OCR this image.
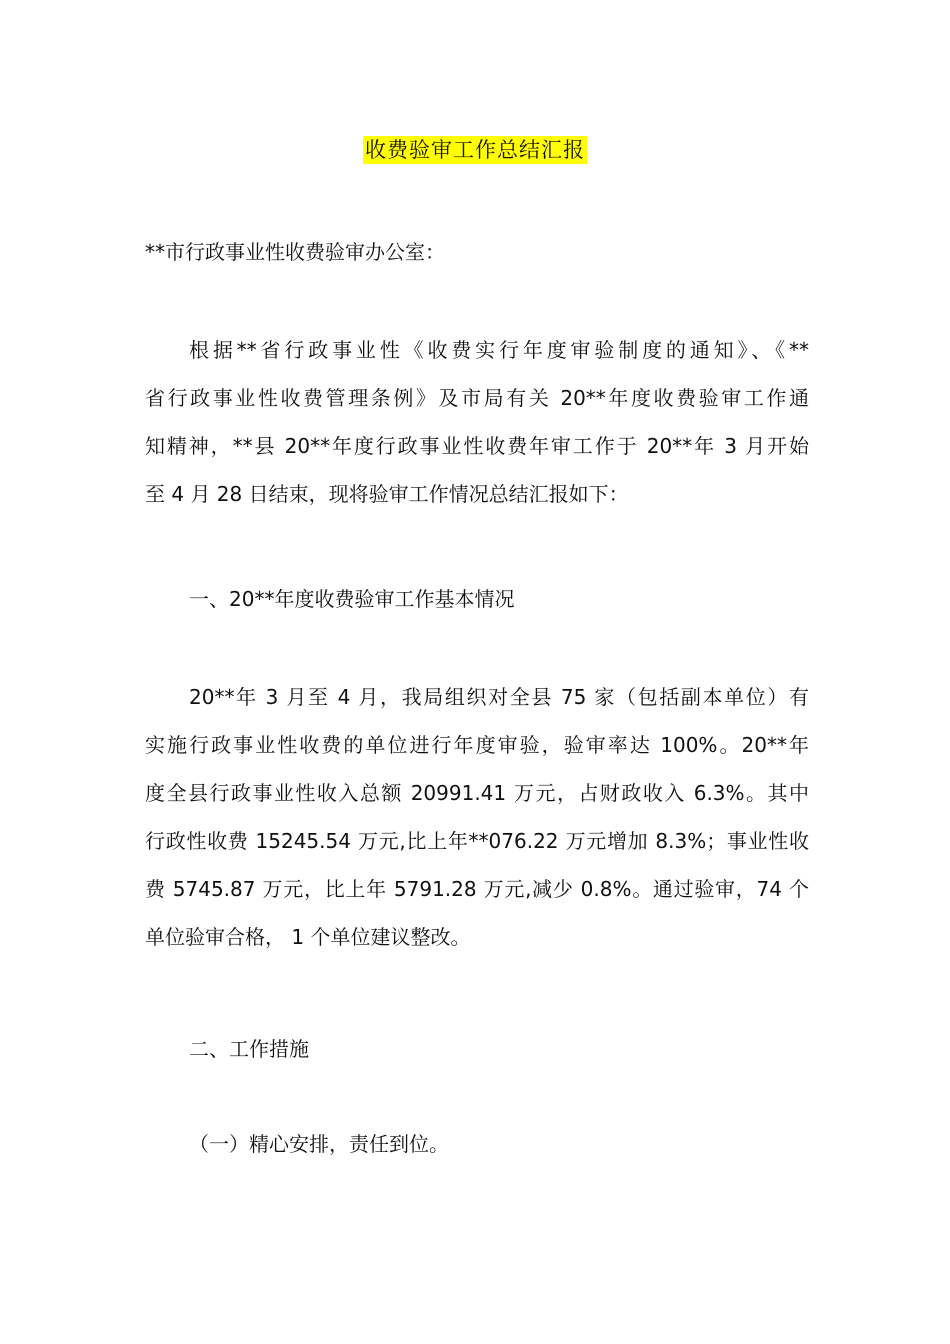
收费验审工作总结汇报
**市行政事业性收费验审办公室：
根据**省行政事业性《收费实行年度审验制度的通知》、《**
省行政事业性收费管理条例》及市局有关 20**年度收费验审工作通
知精神，**县 20**年度行政事业性收费年审工作于 20**年 3 月开始
至 4 月 28 日结束，现将验审工作情况总结汇报如下：
一、20**年度收费验审工作基本情况
20**年 3 月至 4 月，我局组织对全县 75 家（包括副本单位）有
实施行政事业性收费的单位进行年度审验，验审率达 100%。20**年
度全县行政事业性收入总额 20991.41 万元，占财政收入 6.3%。其中
行政性收费 15245.54 万元,比上年**076.22 万元增加 8.3%；事业性收
费 5745.87 万元，比上年 5791.28 万元,减少 0.8%。通过验审，74 个
单位验审合格， 1 个单位建议整改。
二、工作措施
（一）精心安排，责任到位。
